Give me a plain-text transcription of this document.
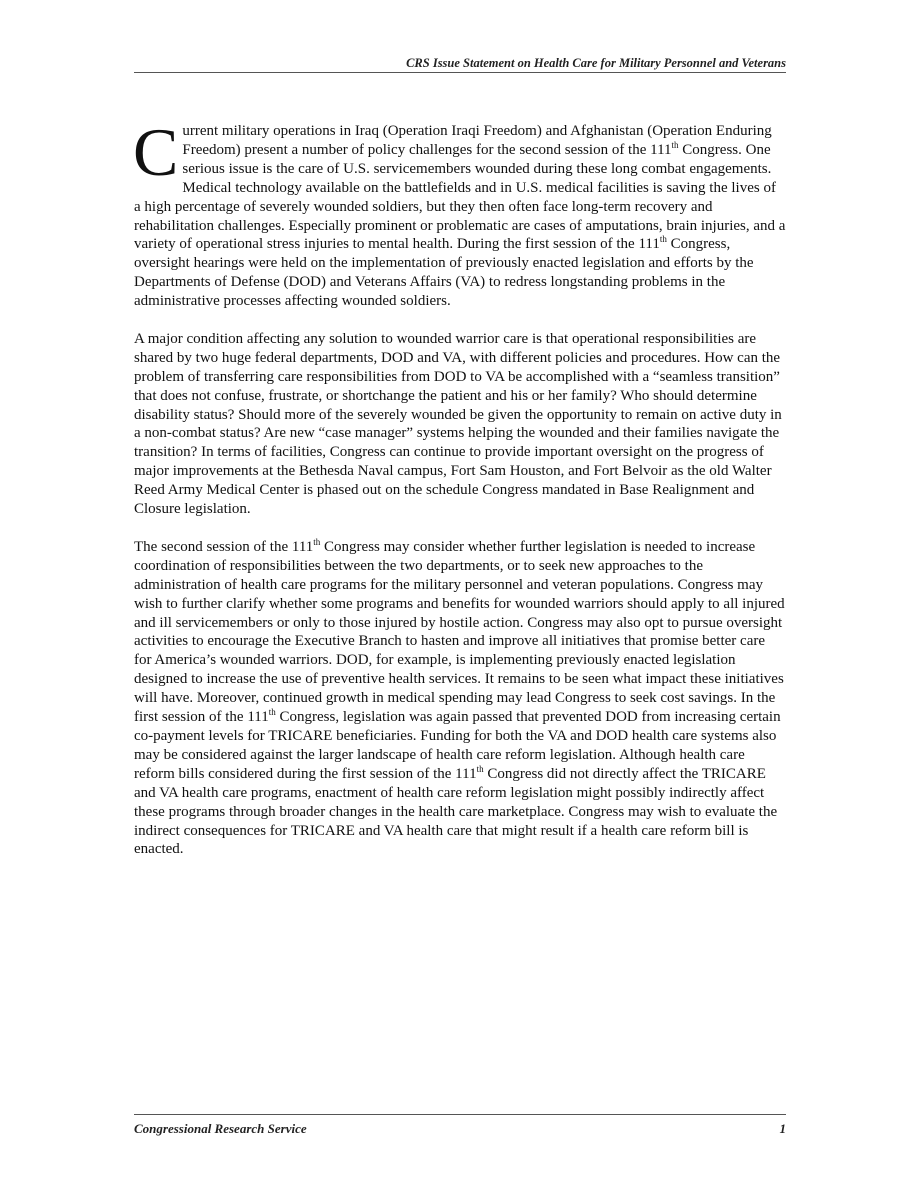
CRS Issue Statement on Health Care for Military Personnel and Veterans

Current military operations in Iraq (Operation Iraqi Freedom) and Afghanistan (Operation Enduring Freedom) present a number of policy challenges for the second session of the 111th Congress. One serious issue is the care of U.S. servicemembers wounded during these long combat engagements. Medical technology available on the battlefields and in U.S. medical facilities is saving the lives of a high percentage of severely wounded soldiers, but they then often face long-term recovery and rehabilitation challenges. Especially prominent or problematic are cases of amputations, brain injuries, and a variety of operational stress injuries to mental health. During the first session of the 111th Congress, oversight hearings were held on the implementation of previously enacted legislation and efforts by the Departments of Defense (DOD) and Veterans Affairs (VA) to redress longstanding problems in the administrative processes affecting wounded soldiers.

A major condition affecting any solution to wounded warrior care is that operational responsibilities are shared by two huge federal departments, DOD and VA, with different policies and procedures. How can the problem of transferring care responsibilities from DOD to VA be accomplished with a “seamless transition” that does not confuse, frustrate, or shortchange the patient and his or her family? Who should determine disability status? Should more of the severely wounded be given the opportunity to remain on active duty in a non-combat status? Are new “case manager” systems helping the wounded and their families navigate the transition? In terms of facilities, Congress can continue to provide important oversight on the progress of major improvements at the Bethesda Naval campus, Fort Sam Houston, and Fort Belvoir as the old Walter Reed Army Medical Center is phased out on the schedule Congress mandated in Base Realignment and Closure legislation.

The second session of the 111th Congress may consider whether further legislation is needed to increase coordination of responsibilities between the two departments, or to seek new approaches to the administration of health care programs for the military personnel and veteran populations. Congress may wish to further clarify whether some programs and benefits for wounded warriors should apply to all injured and ill servicemembers or only to those injured by hostile action. Congress may also opt to pursue oversight activities to encourage the Executive Branch to hasten and improve all initiatives that promise better care for America’s wounded warriors. DOD, for example, is implementing previously enacted legislation designed to increase the use of preventive health services. It remains to be seen what impact these initiatives will have. Moreover, continued growth in medical spending may lead Congress to seek cost savings. In the first session of the 111th Congress, legislation was again passed that prevented DOD from increasing certain co-payment levels for TRICARE beneficiaries. Funding for both the VA and DOD health care systems also may be considered against the larger landscape of health care reform legislation. Although health care reform bills considered during the first session of the 111th Congress did not directly affect the TRICARE and VA health care programs, enactment of health care reform legislation might possibly indirectly affect these programs through broader changes in the health care marketplace. Congress may wish to evaluate the indirect consequences for TRICARE and VA health care that might result if a health care reform bill is enacted.

Congressional Research Service	1
